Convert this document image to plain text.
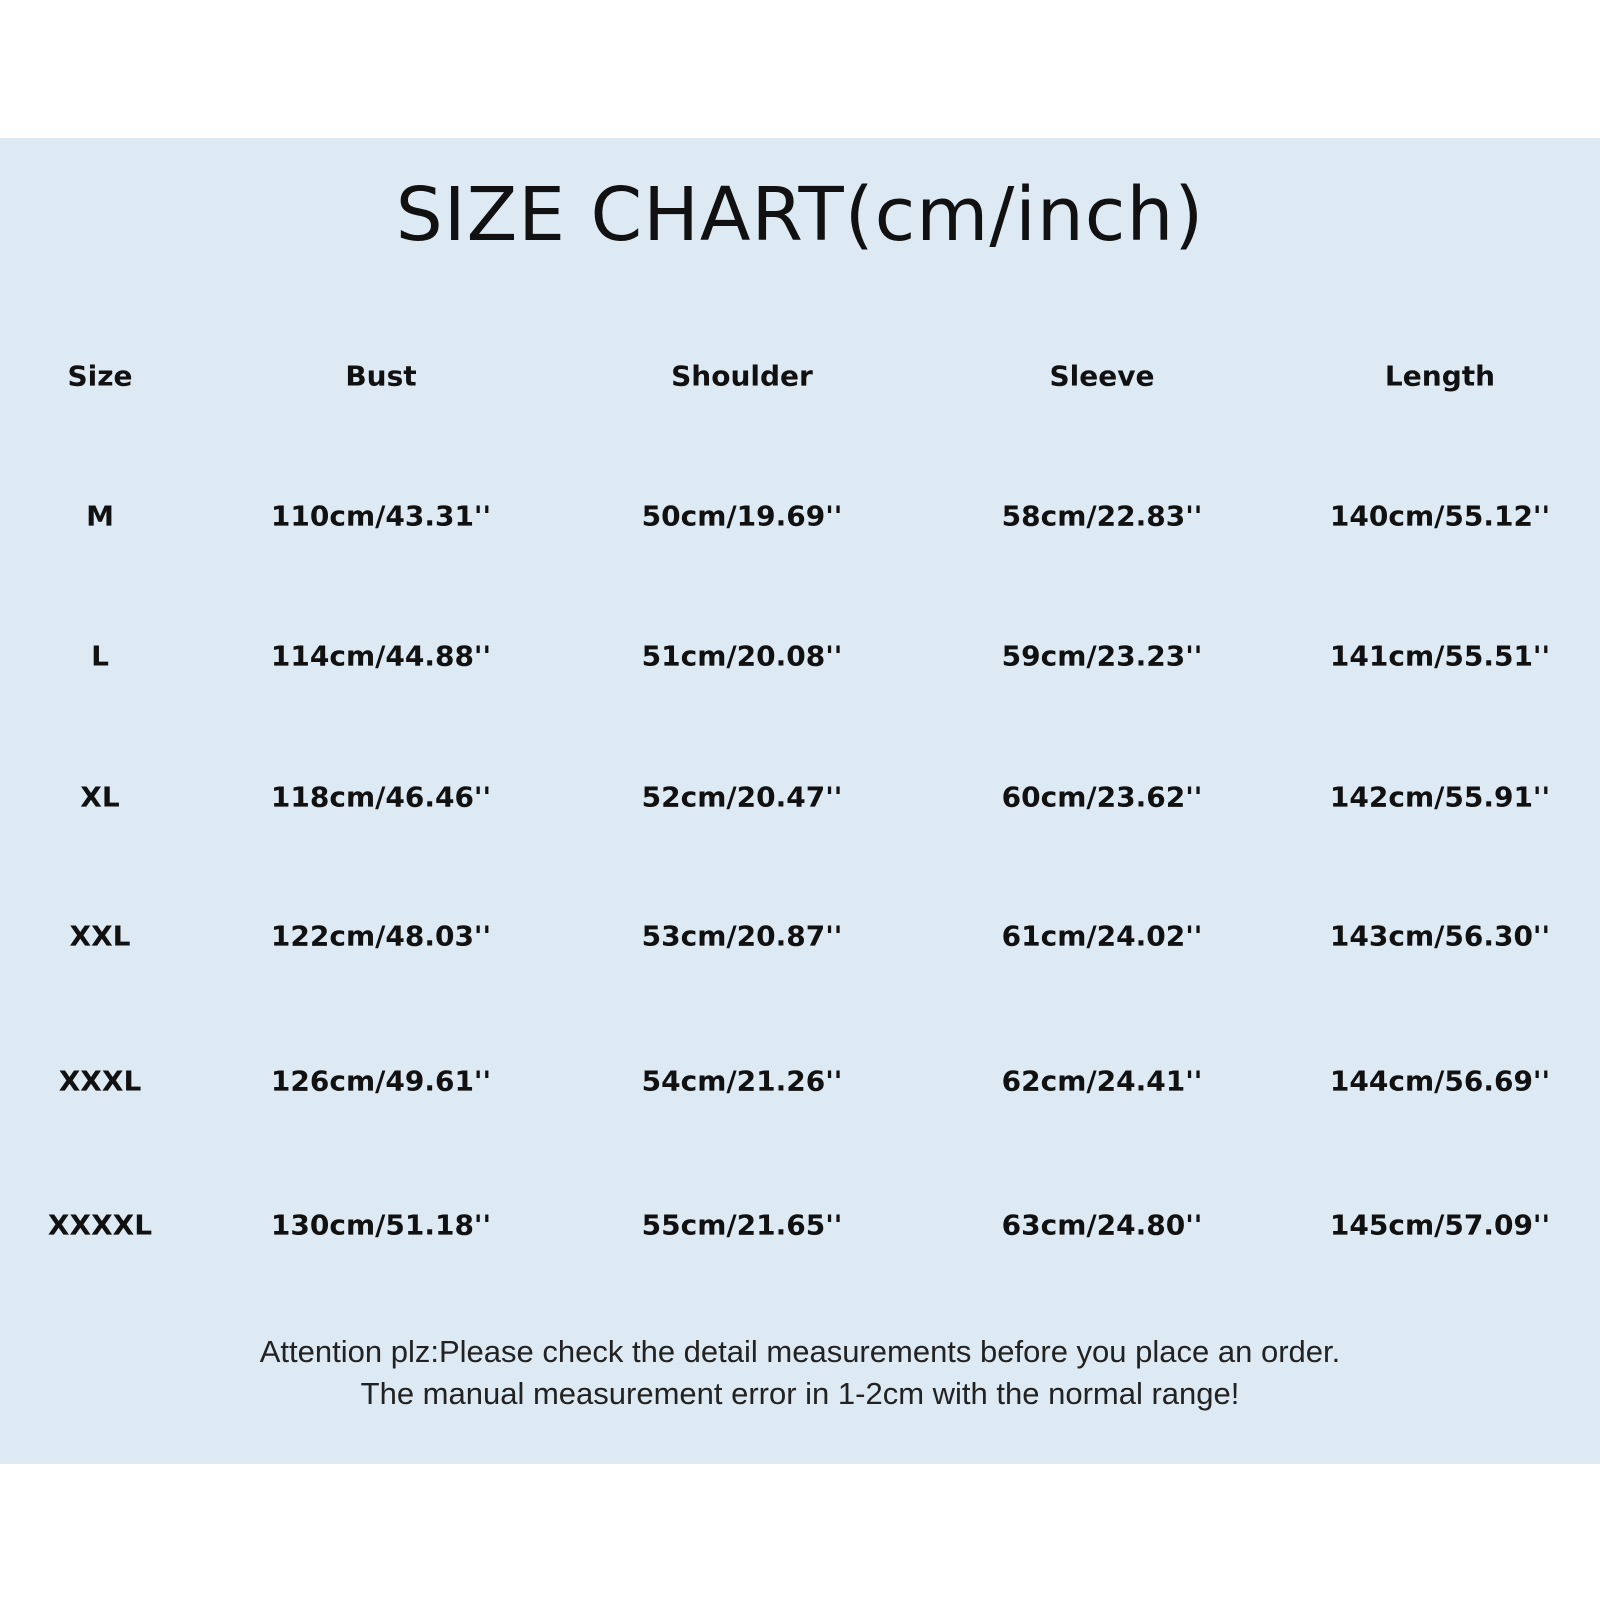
SIZE CHART(cm/inch)
Size	Bust	Shoulder	Sleeve	Length
M	110cm/43.31''	50cm/19.69''	58cm/22.83''	140cm/55.12''
L	114cm/44.88''	51cm/20.08''	59cm/23.23''	141cm/55.51''
XL	118cm/46.46''	52cm/20.47''	60cm/23.62''	142cm/55.91''
XXL	122cm/48.03''	53cm/20.87''	61cm/24.02''	143cm/56.30''
XXXL	126cm/49.61''	54cm/21.26''	62cm/24.41''	144cm/56.69''
XXXXL	130cm/51.18''	55cm/21.65''	63cm/24.80''	145cm/57.09''
Attention plz:Please check the detail measurements before you place an order.
The manual measurement error in 1-2cm with the normal range!
